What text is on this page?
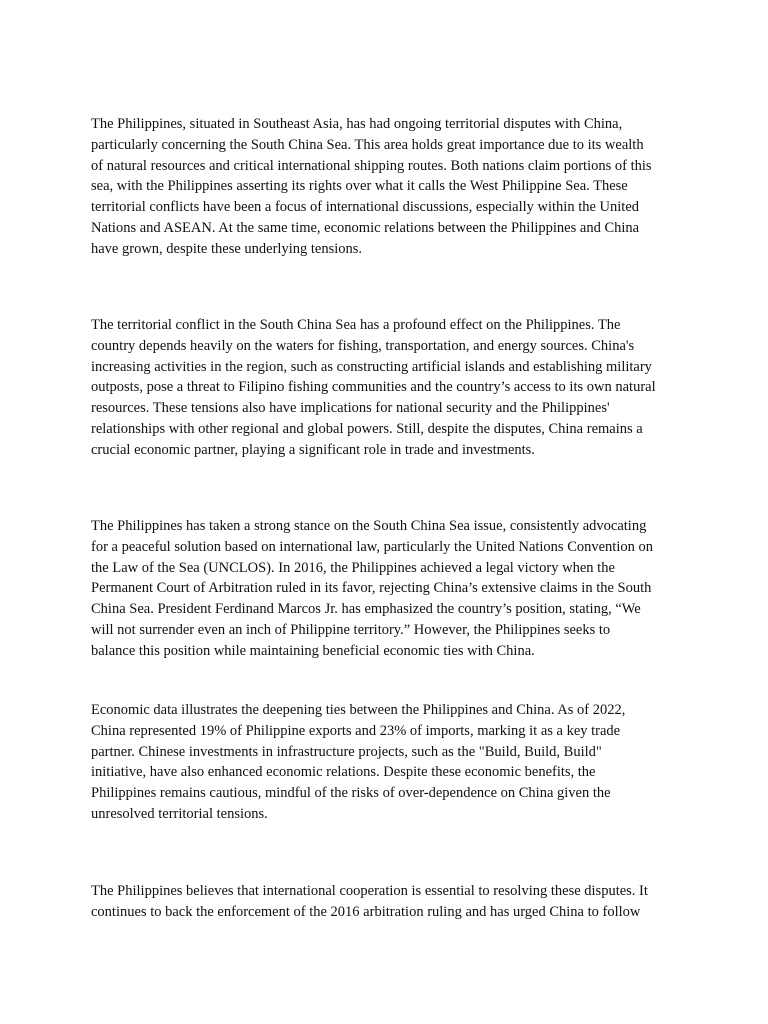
The Philippines, situated in Southeast Asia, has had ongoing territorial disputes with China,
particularly concerning the South China Sea. This area holds great importance due to its wealth
of natural resources and critical international shipping routes. Both nations claim portions of this
sea, with the Philippines asserting its rights over what it calls the West Philippine Sea. These
territorial conflicts have been a focus of international discussions, especially within the United
Nations and ASEAN. At the same time, economic relations between the Philippines and China
have grown, despite these underlying tensions.

The territorial conflict in the South China Sea has a profound effect on the Philippines. The
country depends heavily on the waters for fishing, transportation, and energy sources. China's
increasing activities in the region, such as constructing artificial islands and establishing military
outposts, pose a threat to Filipino fishing communities and the country’s access to its own natural
resources. These tensions also have implications for national security and the Philippines'
relationships with other regional and global powers. Still, despite the disputes, China remains a
crucial economic partner, playing a significant role in trade and investments.

The Philippines has taken a strong stance on the South China Sea issue, consistently advocating
for a peaceful solution based on international law, particularly the United Nations Convention on
the Law of the Sea (UNCLOS). In 2016, the Philippines achieved a legal victory when the
Permanent Court of Arbitration ruled in its favor, rejecting China’s extensive claims in the South
China Sea. President Ferdinand Marcos Jr. has emphasized the country’s position, stating, “We
will not surrender even an inch of Philippine territory.” However, the Philippines seeks to
balance this position while maintaining beneficial economic ties with China.

Economic data illustrates the deepening ties between the Philippines and China. As of 2022,
China represented 19% of Philippine exports and 23% of imports, marking it as a key trade
partner. Chinese investments in infrastructure projects, such as the "Build, Build, Build"
initiative, have also enhanced economic relations. Despite these economic benefits, the
Philippines remains cautious, mindful of the risks of over-dependence on China given the
unresolved territorial tensions.

The Philippines believes that international cooperation is essential to resolving these disputes. It
continues to back the enforcement of the 2016 arbitration ruling and has urged China to follow
